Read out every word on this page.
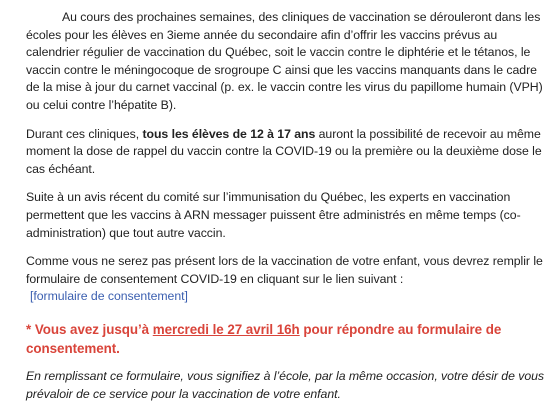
Au cours des prochaines semaines, des cliniques de vaccination se dérouleront dans les écoles pour les élèves en 3ieme année du secondaire afin d’offrir les vaccins prévus au calendrier régulier de vaccination du Québec, soit le vaccin contre le diphtérie et le tétanos, le vaccin contre le méningocoque de srogroupe C ainsi que les vaccins manquants dans le cadre de la mise à jour du carnet vaccinal (p. ex. le vaccin contre les virus du papillome humain (VPH) ou celui contre l’hépatite B).

Durant ces cliniques, tous les élèves de 12 à 17 ans auront la possibilité de recevoir au même moment la dose de rappel du vaccin contre la COVID-19 ou la première ou la deuxième dose le cas échéant.

Suite à un avis récent du comité sur l’immunisation du Québec, les experts en vaccination permettent que les vaccins à ARN messager puissent être administrés en même temps (co-administration) que tout autre vaccin.

Comme vous ne serez pas présent lors de la vaccination de votre enfant, vous devrez remplir le formulaire de consentement COVID-19 en cliquant sur le lien suivant :
[formulaire de consentement]

* Vous avez jusqu’à mercredi le 27 avril 16h pour répondre au formulaire de consentement.

En remplissant ce formulaire, vous signifiez à l’école, par la même occasion, votre désir de vous prévaloir de ce service pour la vaccination de votre enfant.
